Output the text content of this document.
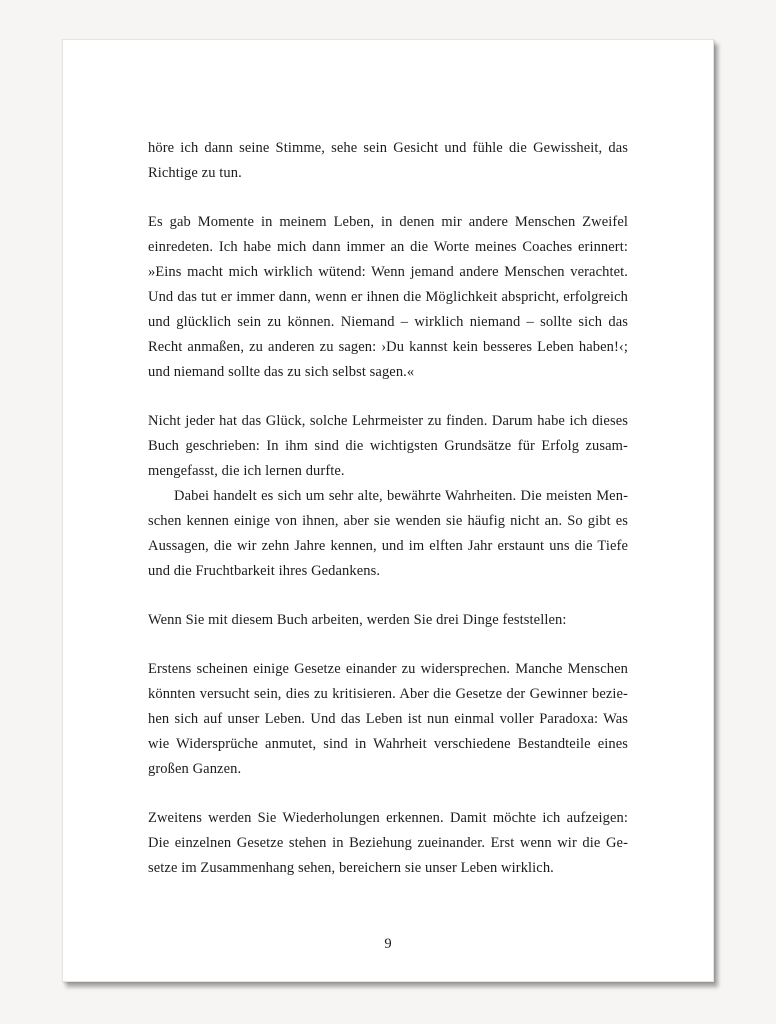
höre ich dann seine Stimme, sehe sein Gesicht und fühle die Gewissheit, das
Richtige zu tun.
Es gab Momente in meinem Leben, in denen mir andere Menschen Zweifel
einredeten. Ich habe mich dann immer an die Worte meines Coaches erinnert:
»Eins macht mich wirklich wütend: Wenn jemand andere Menschen verachtet.
Und das tut er immer dann, wenn er ihnen die Möglichkeit abspricht, erfolgreich
und glücklich sein zu können. Niemand – wirklich niemand – sollte sich das
Recht anmaßen, zu anderen zu sagen: ›Du kannst kein besseres Leben haben!‹;
und niemand sollte das zu sich selbst sagen.«
Nicht jeder hat das Glück, solche Lehrmeister zu finden. Darum habe ich dieses
Buch geschrieben: In ihm sind die wichtigsten Grundsätze für Erfolg zusam-
mengefasst, die ich lernen durfte.
Dabei handelt es sich um sehr alte, bewährte Wahrheiten. Die meisten Men-
schen kennen einige von ihnen, aber sie wenden sie häufig nicht an. So gibt es
Aussagen, die wir zehn Jahre kennen, und im elften Jahr erstaunt uns die Tiefe
und die Fruchtbarkeit ihres Gedankens.
Wenn Sie mit diesem Buch arbeiten, werden Sie drei Dinge feststellen:
Erstens scheinen einige Gesetze einander zu widersprechen. Manche Menschen
könnten versucht sein, dies zu kritisieren. Aber die Gesetze der Gewinner bezie-
hen sich auf unser Leben. Und das Leben ist nun einmal voller Paradoxa: Was
wie Widersprüche anmutet, sind in Wahrheit verschiedene Bestandteile eines
großen Ganzen.
Zweitens werden Sie Wiederholungen erkennen. Damit möchte ich aufzeigen:
Die einzelnen Gesetze stehen in Beziehung zueinander. Erst wenn wir die Ge-
setze im Zusammenhang sehen, bereichern sie unser Leben wirklich.
9
